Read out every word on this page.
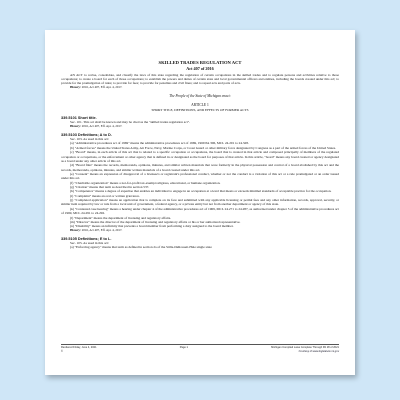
SKILLED TRADES REGULATION ACT
Act 407 of 2016

AN ACT to revise, consolidate, and classify the laws of this state regarding the regulation of certain occupations in the skilled trades and to regulate persons and activities relative to those occupations; to create a board for each of those occupations; to establish the powers and duties of certain state and local governmental officers and entities, including the boards created under this act; to provide for the promulgation of rules; to provide for fees; to provide for penalties and civil fines; and to repeal acts and parts of acts.

History: 2016, Act 407, Eff. Apr. 4, 2017.

The People of the State of Michigan enact:
ARTICLE 1
SHORT TITLE, DEFINITIONS, AND EFFECTS OF FORMER ACTS
339.5101 Short title.

Sec. 101. This act shall be known and may be cited as the "skilled trades regulation act".

History: 2016, Act 407, Eff. Apr. 4, 2017.

339.5103 Definitions; A to D.

Sec. 103. As used in this act:

(a) "Administrative procedures act of 1969" means the administrative procedures act of 1969, 1969 PA 306, MCL 24.201 to 24.328.

(b) "Armed forces" means the United States Army, Air Force, Navy, Marine Corps, or Coast Guard or other military force designated by Congress as a part of the armed forces of the United States.

(c) "Board" means, in each article of this act that is related to a specific occupation or occupations, the board that is created in that article and composed principally of members of the regulated occupation or occupations, or the enforcement or other agency that is defined in or designated as the board for purposes of that article. In this article, "board" means any board created or agency designated as a board under any other article of this act.

(d) "Board files" means the records, memoranda, opinions, minutes, and similar written materials that were formerly in the physical possession and control of a board abolished by this act and the records, memoranda, opinions, minutes, and similar written materials of a board created under this act.

(e) "Consent" means an expression of disapproval of a licensee's or registrant's professional conduct, whether or not the conduct is a violation of this act or a rule promulgated or an order issued under this act.

(f) "Charitable organization" means a not-for-profit tax-exempt religious, educational, or humane organization.

(g) "Citation" means that term as described in section 537.

(h) "Competence" means a degree of expertise that enables an individual to engage in an occupation at a level that meets or exceeds minimal standards of acceptable practice for the occupation.

(i) "Complaint" means an oral or written grievance.

(j) "Completed application" means an application that is complete on its face and submitted with any applicable licensing or permit fees and any other information, records, approval, security, or similar item required by law or rule from a local unit of government, a federal agency, or a private entity but not from another department or agency of this state.

(k) "Contested case hearing" means a hearing under chapter 4 of the administrative procedures act of 1969, MCL 24.271 to 24.287, as authorized under chapter 5 of the administrative procedures act of 1969, MCL 24.291 to 24.292.

(l) "Department" means the department of licensing and regulatory affairs.

(m) "Director" means the director of the department of licensing and regulatory affairs or his or her authorized representative.

(n) "Disability" means an infirmity that prevents a board member from performing a duty assigned to the board member.

History: 2016, Act 407, Eff. Apr. 4, 2017.

339.5105 Definitions; E to L.

Sec. 105. As used in this act:

(a) "Enforcing agency" means that term as defined in section 2a of the Stille-DeRossett-Hale single state

Rendered Friday, June 4, 2021	Page 1	Michigan Compiled Laws Complete Through PA 18 of 2021
©	Courtesy of www.legislature.mi.gov
